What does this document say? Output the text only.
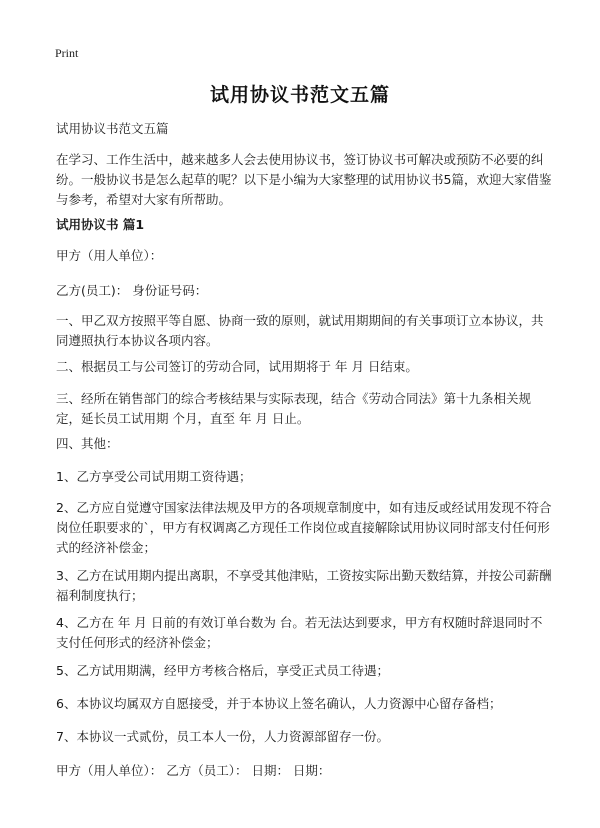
Print
试用协议书范文五篇

试用协议书范文五篇

在学习、工作生活中，越来越多人会去使用协议书，签订协议书可解决或预防不必要的纠纷。一般协议书是怎么起草的呢？以下是小编为大家整理的试用协议书5篇，欢迎大家借鉴与参考，希望对大家有所帮助。

试用协议书 篇1

甲方（用人单位）：

乙方(员工)： 身份证号码：

一、甲乙双方按照平等自愿、协商一致的原则，就试用期期间的有关事项订立本协议，共同遵照执行本协议各项内容。

二、根据员工与公司签订的劳动合同，试用期将于 年 月 日结束。

三、经所在销售部门的综合考核结果与实际表现，结合《劳动合同法》第十九条相关规定，延长员工试用期 个月，直至 年 月 日止。

四、其他：

1、乙方享受公司试用期工资待遇；

2、乙方应自觉遵守国家法律法规及甲方的各项规章制度中，如有违反或经试用发现不符合岗位任职要求的`，甲方有权调离乙方现任工作岗位或直接解除试用协议同时部支付任何形式的经济补偿金；

3、乙方在试用期内提出离职，不享受其他津贴，工资按实际出勤天数结算，并按公司薪酬福利制度执行；

4、乙方在 年 月 日前的有效订单台数为 台。若无法达到要求，甲方有权随时辞退同时不支付任何形式的经济补偿金；

5、乙方试用期满，经甲方考核合格后，享受正式员工待遇；

6、本协议均属双方自愿接受，并于本协议上签名确认，人力资源中心留存备档；

7、本协议一式贰份，员工本人一份，人力资源部留存一份。

甲方（用人单位）： 乙方（员工）： 日期： 日期：
